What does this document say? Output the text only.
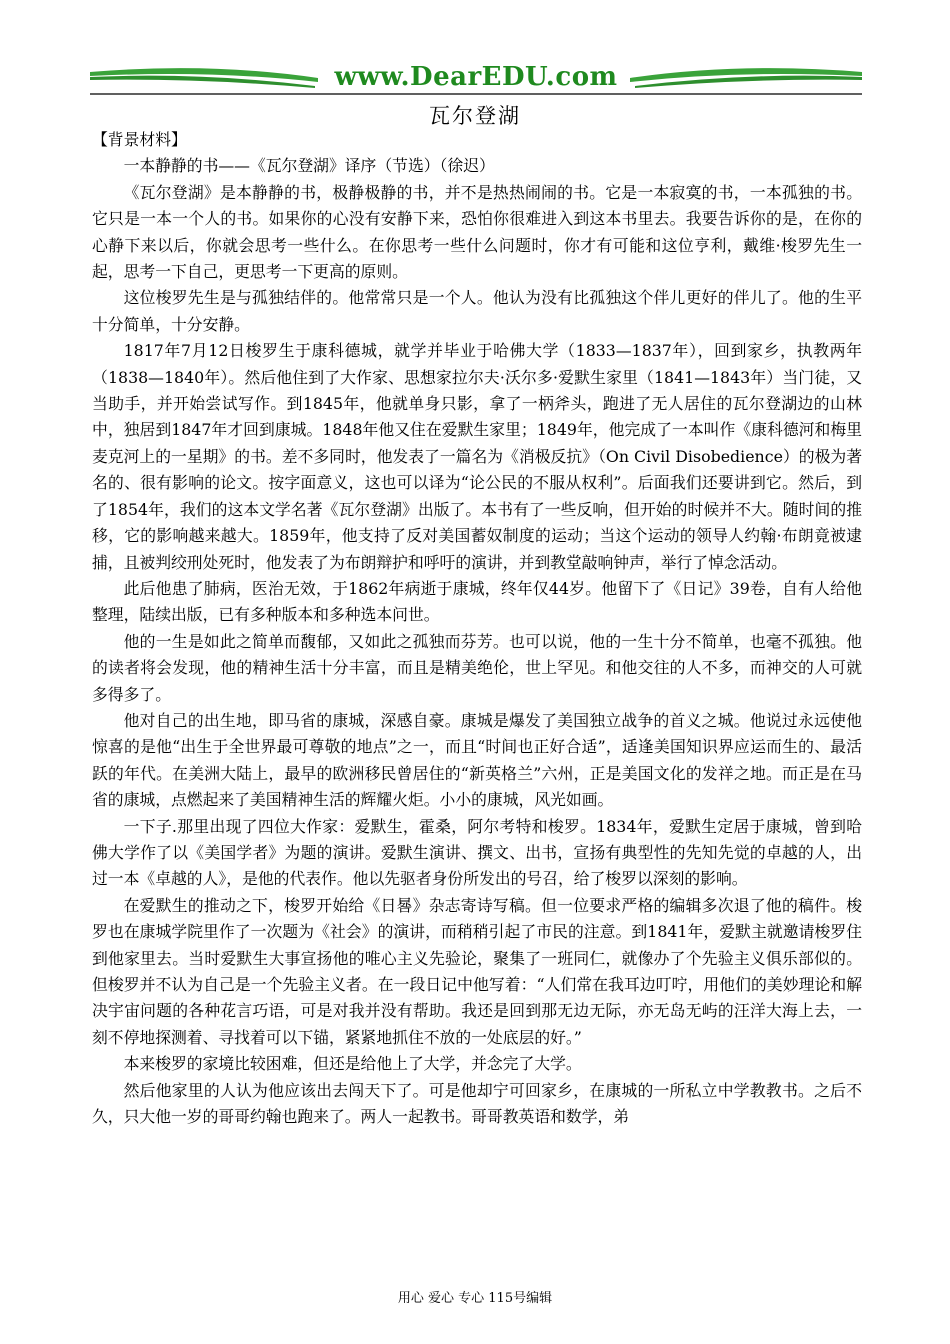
www.DearEDU.com
瓦尔登湖

【背景材料】

一本静静的书——《瓦尔登湖》译序（节选）（徐迟）

《瓦尔登湖》是本静静的书，极静极静的书，并不是热热闹闹的书。它是一本寂寞的书，一本孤独的书。它只是一本一个人的书。如果你的心没有安静下来，恐怕你很难进入到这本书里去。我要告诉你的是，在你的心静下来以后，你就会思考一些什么。在你思考一些什么问题时，你才有可能和这位亨利，戴维·梭罗先生一起，思考一下自己，更思考一下更高的原则。

这位梭罗先生是与孤独结伴的。他常常只是一个人。他认为没有比孤独这个伴儿更好的伴儿了。他的生平十分简单，十分安静。

1817年7月12日梭罗生于康科德城，就学并毕业于哈佛大学（1833—1837年），回到家乡，执教两年（1838—1840年）。然后他住到了大作家、思想家拉尔夫·沃尔多·爱默生家里（1841—1843年）当门徒，又当助手，并开始尝试写作。到1845年，他就单身只影，拿了一柄斧头，跑进了无人居住的瓦尔登湖边的山林中，独居到1847年才回到康城。1848年他又住在爱默生家里；1849年，他完成了一本叫作《康科德河和梅里麦克河上的一星期》的书。差不多同时，他发表了一篇名为《消极反抗》（On Civil Disobedience）的极为著名的、很有影响的论文。按字面意义，这也可以译为“论公民的不服从权利”。后面我们还要讲到它。然后，到了1854年，我们的这本文学名著《瓦尔登湖》出版了。本书有了一些反响，但开始的时候并不大。随时间的推移，它的影响越来越大。1859年，他支持了反对美国蓄奴制度的运动；当这个运动的领导人约翰·布朗竟被逮捕，且被判绞刑处死时，他发表了为布朗辩护和呼吁的演讲，并到教堂敲响钟声，举行了悼念活动。

此后他患了肺病，医治无效，于1862年病逝于康城，终年仅44岁。他留下了《日记》39卷，自有人给他整理，陆续出版，已有多种版本和多种选本问世。

他的一生是如此之简单而馥郁，又如此之孤独而芬芳。也可以说，他的一生十分不简单，也毫不孤独。他的读者将会发现，他的精神生活十分丰富，而且是精美绝伦，世上罕见。和他交往的人不多，而神交的人可就多得多了。

他对自己的出生地，即马省的康城，深感自豪。康城是爆发了美国独立战争的首义之城。他说过永远使他惊喜的是他“出生于全世界最可尊敬的地点”之一，而且“时间也正好合适”，适逢美国知识界应运而生的、最活跃的年代。在美洲大陆上，最早的欧洲移民曾居住的“新英格兰”六州，正是美国文化的发祥之地。而正是在马省的康城，点燃起来了美国精神生活的辉耀火炬。小小的康城，风光如画。

一下子.那里出现了四位大作家：爱默生，霍桑，阿尔考特和梭罗。1834年，爱默生定居于康城，曾到哈佛大学作了以《美国学者》为题的演讲。爱默生演讲、撰文、出书，宣扬有典型性的先知先觉的卓越的人，出过一本《卓越的人》，是他的代表作。他以先驱者身份所发出的号召，给了梭罗以深刻的影响。

在爱默生的推动之下，梭罗开始给《日晷》杂志寄诗写稿。但一位要求严格的编辑多次退了他的稿件。梭罗也在康城学院里作了一次题为《社会》的演讲，而稍稍引起了市民的注意。到1841年，爱默主就邀请梭罗住到他家里去。当时爱默生大事宣扬他的唯心主义先验论，聚集了一班同仁，就像办了个先验主义俱乐部似的。但梭罗并不认为自己是一个先验主义者。在一段日记中他写着：“人们常在我耳边叮咛，用他们的美妙理论和解决宇宙问题的各种花言巧语，可是对我并没有帮助。我还是回到那无边无际，亦无岛无屿的汪洋大海上去，一刻不停地探测着、寻找着可以下锚，紧紧地抓住不放的一处底层的好。”

本来梭罗的家境比较困难，但还是给他上了大学，并念完了大学。

然后他家里的人认为他应该出去闯天下了。可是他却宁可回家乡，在康城的一所私立中学教教书。之后不久，只大他一岁的哥哥约翰也跑来了。两人一起教书。哥哥教英语和数学，弟

用心 爱心 专心 115号编辑
